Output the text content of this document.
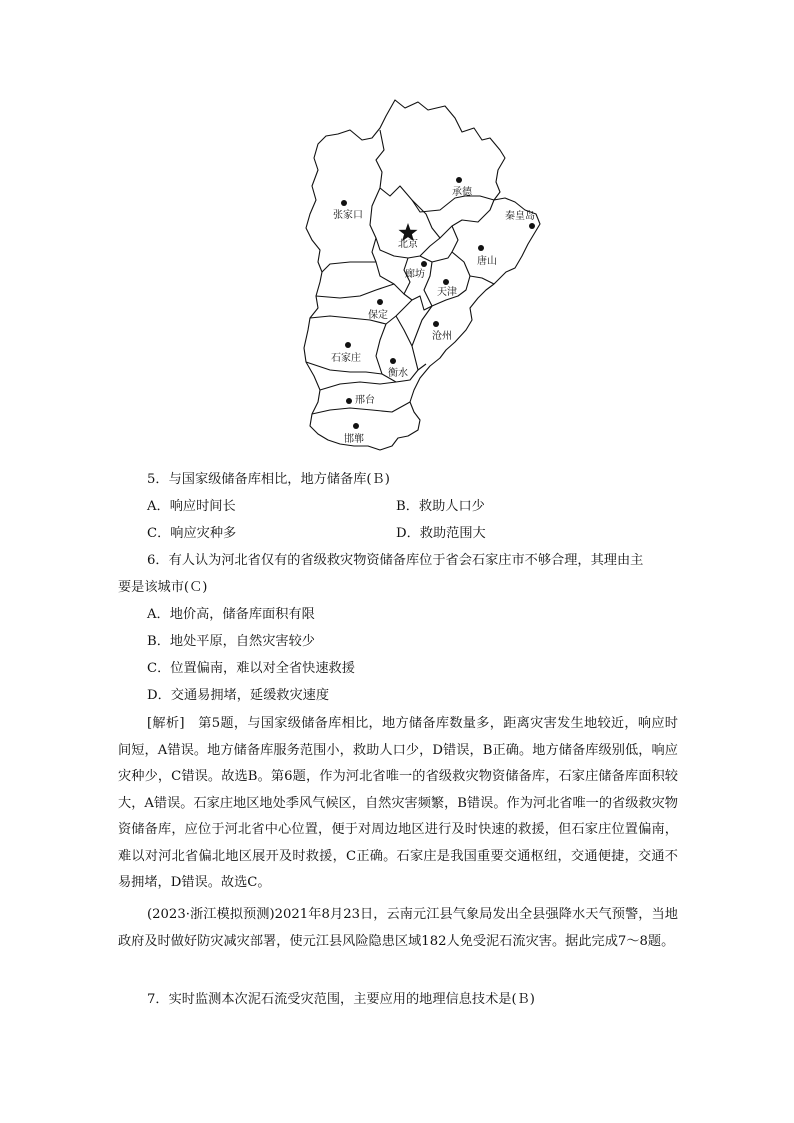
承德
张家口	秦皇岛
北京
唐山
廊坊
天津
保定
沧州
石家庄
衡水
邢台
邯郸
5．与国家级储备库相比，地方储备库(Ｂ)
A．响应时间长	B．救助人口少
C．响应灾种多	D．救助范围大
6．有人认为河北省仅有的省级救灾物资储备库位于省会石家庄市不够合理，其理由主
要是该城市(Ｃ)
A．地价高，储备库面积有限
B．地处平原，自然灾害较少
C．位置偏南，难以对全省快速救援
D．交通易拥堵，延缓救灾速度
[解析]　第5题，与国家级储备库相比，地方储备库数量多，距离灾害发生地较近，响应时间短，A错误。地方储备库服务范围小，救助人口少，D错误，B正确。地方储备库级别低，响应灾种少，C错误。故选B。第6题，作为河北省唯一的省级救灾物资储备库，石家庄储备库面积较大，A错误。石家庄地区地处季风气候区，自然灾害频繁，B错误。作为河北省唯一的省级救灾物资储备库，应位于河北省中心位置，便于对周边地区进行及时快速的救援，但石家庄位置偏南，难以对河北省偏北地区展开及时救援，C正确。石家庄是我国重要交通枢纽，交通便捷，交通不易拥堵，D错误。故选C。
(2023·浙江模拟预测)2021年8月23日，云南元江县气象局发出全县强降水天气预警，当地政府及时做好防灾减灾部署，使元江县风险隐患区域182人免受泥石流灾害。据此完成7～8题。
7．实时监测本次泥石流受灾范围，主要应用的地理信息技术是(Ｂ)
